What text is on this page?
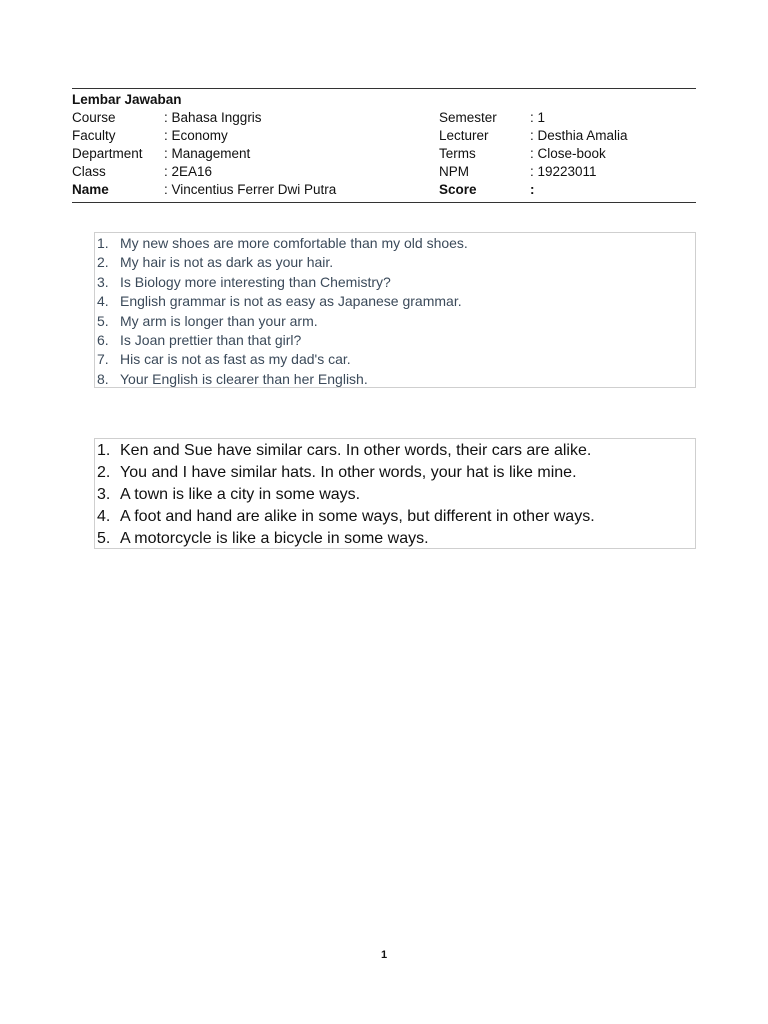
Lembar Jawaban
Course	: Bahasa Inggris	Semester : 1
Faculty	: Economy	Lecturer	: Desthia Amalia
Department : Management	Terms	: Close-book
Class	: 2EA16	NPM	: 19223011
Name	: Vincentius Ferrer Dwi Putra	Score	:
1. My new shoes are more comfortable than my old shoes.
2. My hair is not as dark as your hair.
3. Is Biology more interesting than Chemistry?
4. English grammar is not as easy as Japanese grammar.
5. My arm is longer than your arm.
6. Is Joan prettier than that girl?
7. His car is not as fast as my dad's car.
8. Your English is clearer than her English.
1. Ken and Sue have similar cars. In other words, their cars are alike.
2. You and I have similar hats. In other words, your hat is like mine.
3. A town is like a city in some ways.
4. A foot and hand are alike in some ways, but different in other ways.
5. A motorcycle is like a bicycle in some ways.
1
